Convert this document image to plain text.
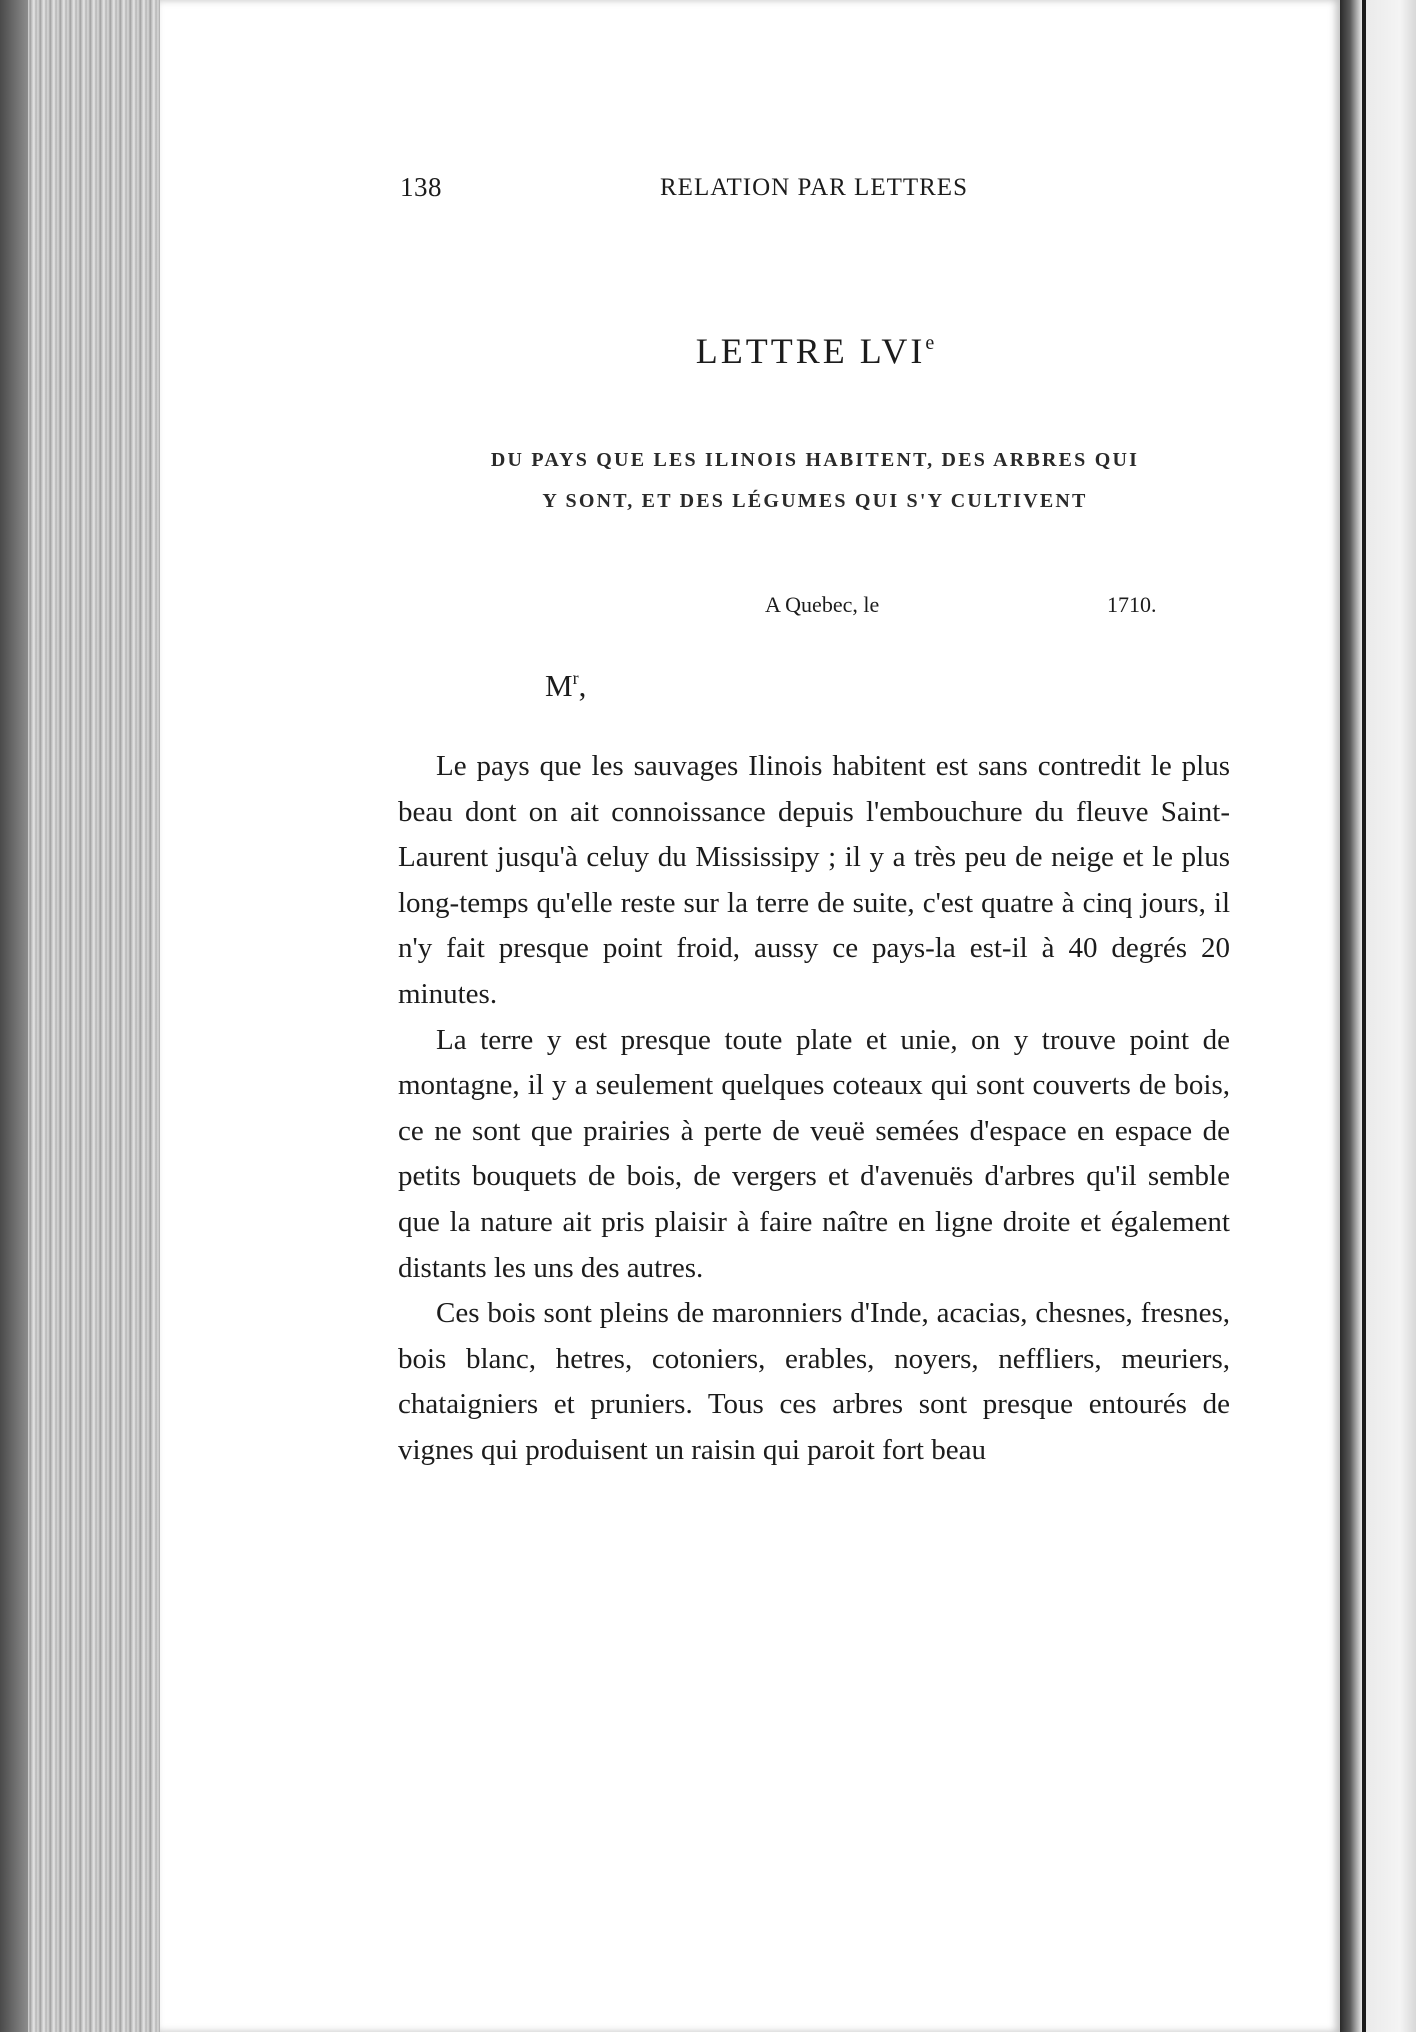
138	RELATION PAR LETTRES
LETTRE LVIe
DU PAYS QUE LES ILINOIS HABITENT, DES ARBRES QUI
Y SONT, ET DES LÉGUMES QUI S'Y CULTIVENT
A Quebec, le	1710.
$M^r$,

Le pays que les sauvages Ilinois habitent est sans contredit le plus beau dont on ait connoissance depuis l'embouchure du fleuve Saint-Laurent jusqu'à celuy du Mississipy ; il y a très peu de neige et le plus long-temps qu'elle reste sur la terre de suite, c'est quatre à cinq jours, il n'y fait presque point froid, aussy ce pays-la est-il à 40 degrés 20 minutes.

La terre y est presque toute plate et unie, on y trouve point de montagne, il y a seulement quelques coteaux qui sont couverts de bois, ce ne sont que prairies à perte de veuë semées d'espace en espace de petits bouquets de bois, de vergers et d'avenuës d'arbres qu'il semble que la nature ait pris plaisir à faire naître en ligne droite et également distants les uns des autres.

Ces bois sont pleins de maronniers d'Inde, acacias, chesnes, fresnes, bois blanc, hetres, cotoniers, erables, noyers, neffliers, meuriers, chataigniers et pruniers. Tous ces arbres sont presque entourés de vignes qui produisent un raisin qui paroit fort beau
